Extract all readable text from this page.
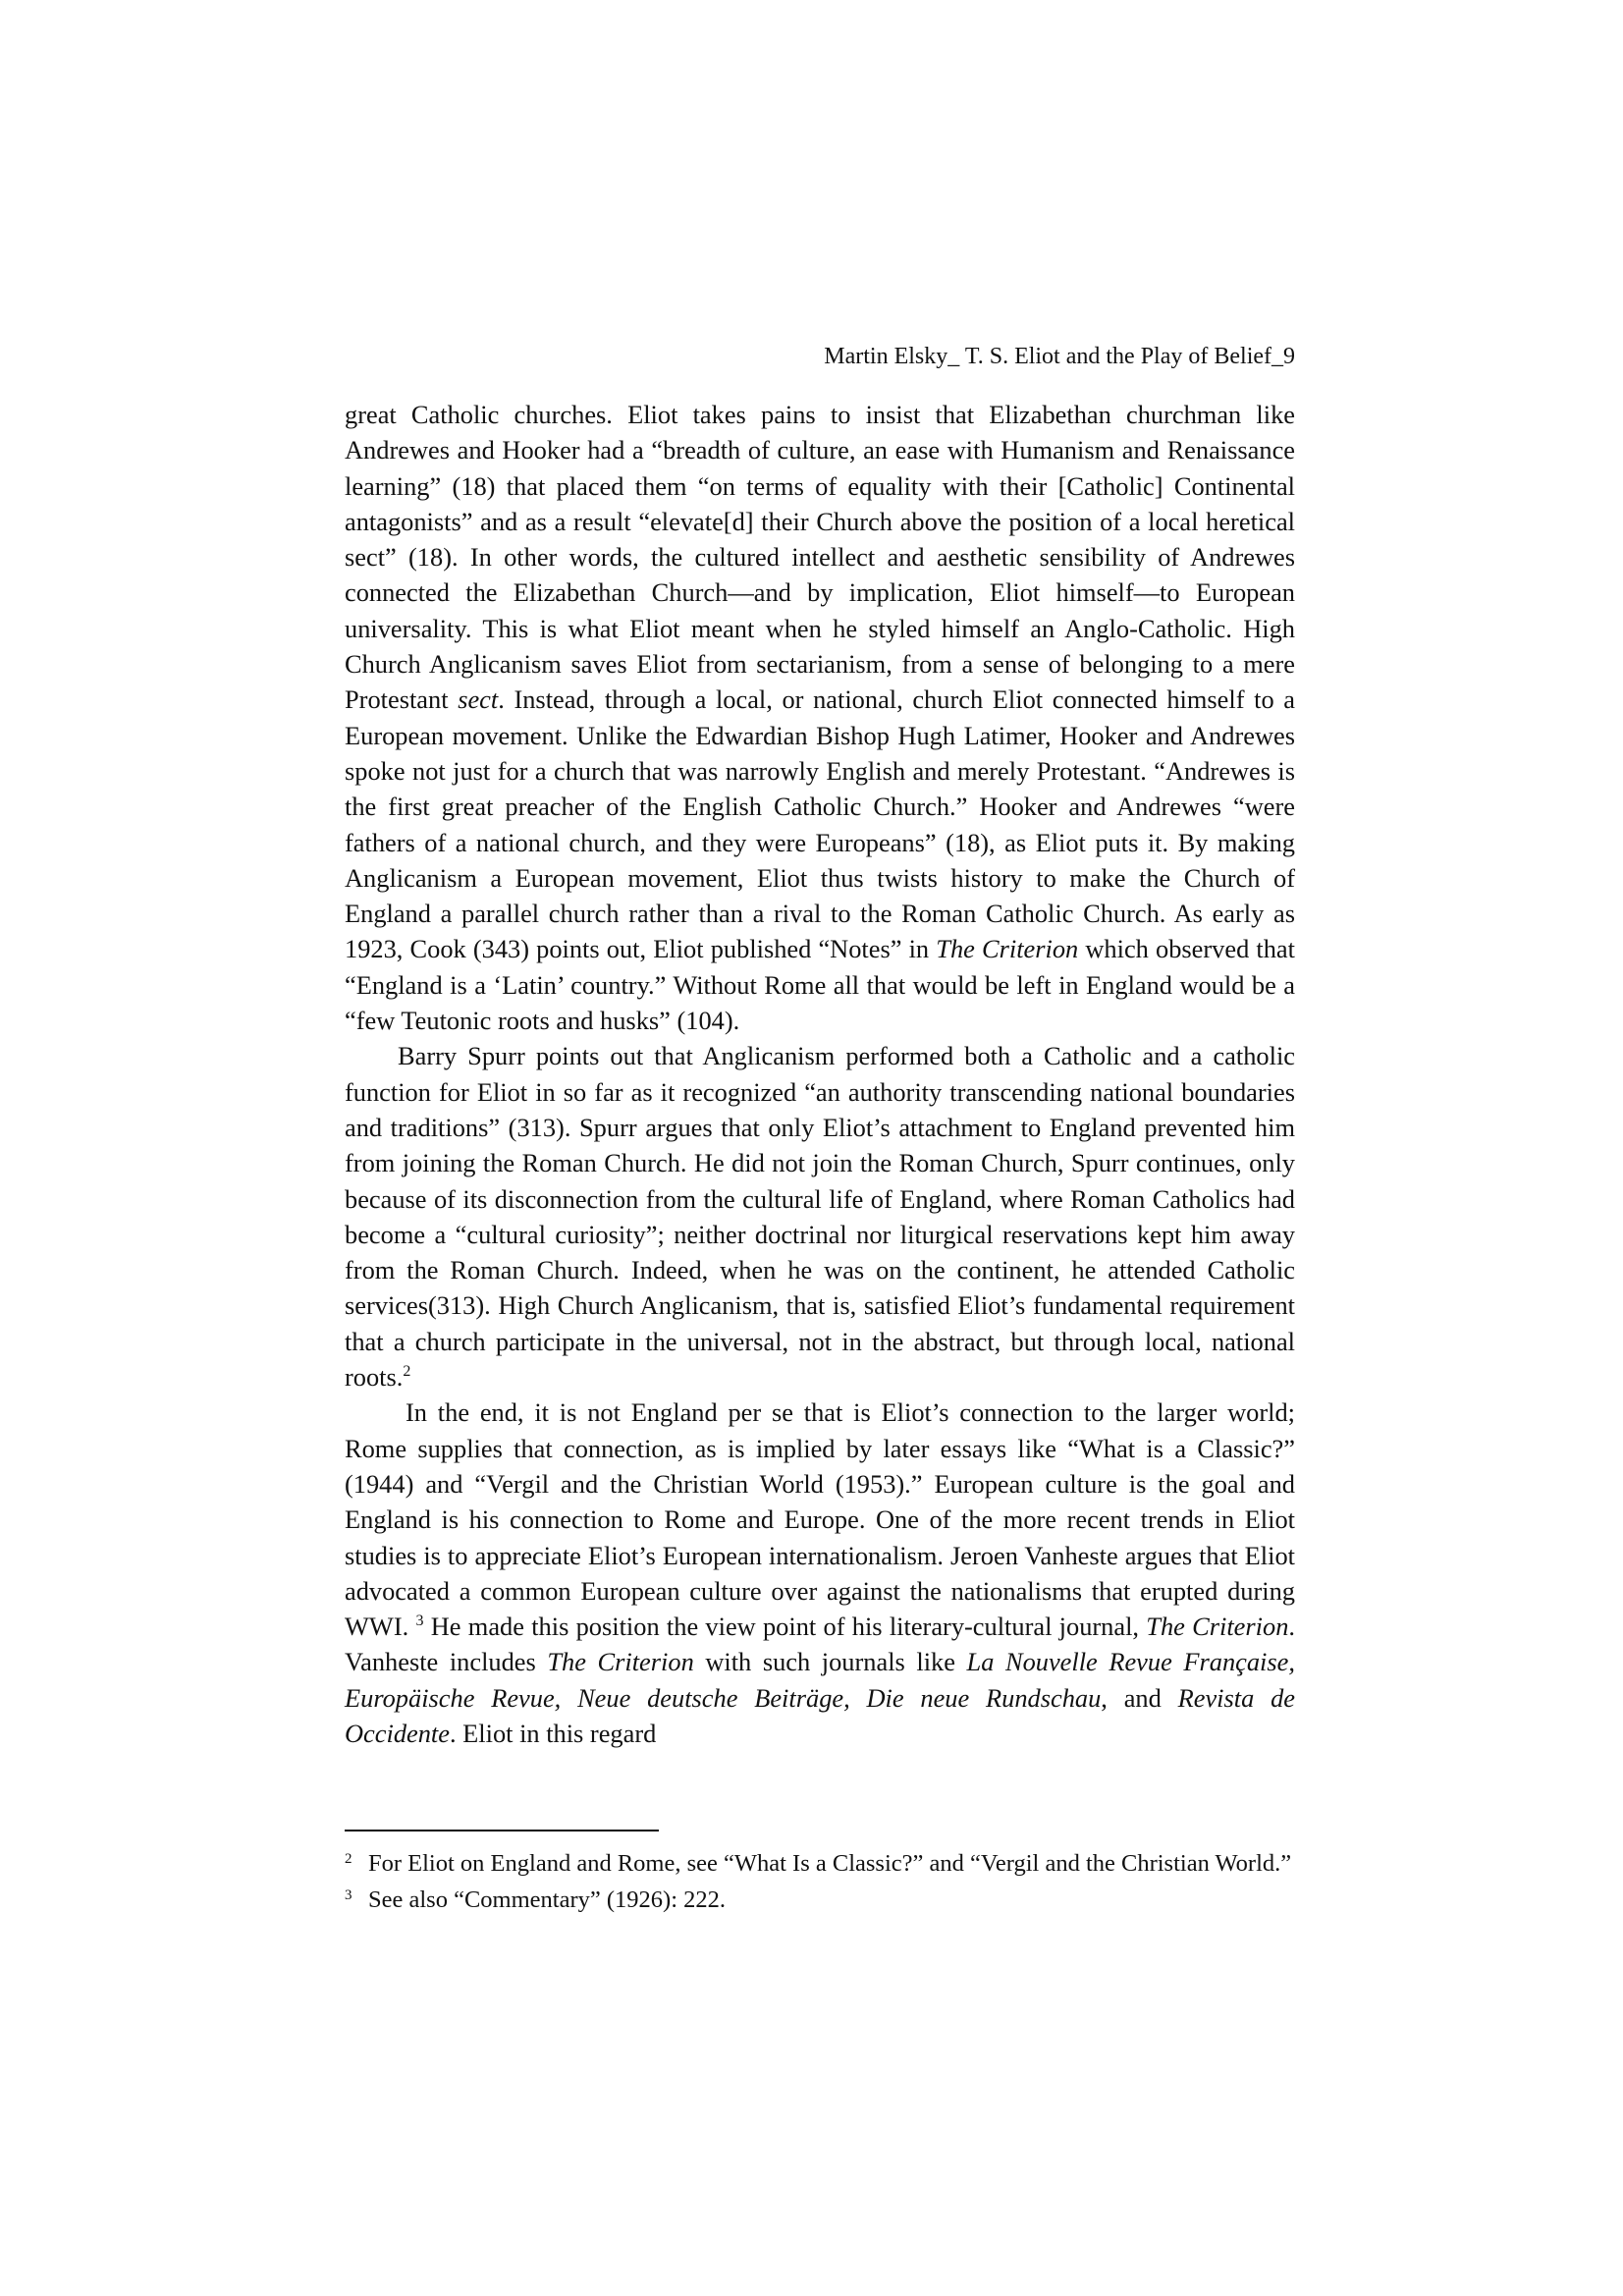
Martin Elsky_ T. S. Eliot and the Play of Belief_9

great Catholic churches. Eliot takes pains to insist that Elizabethan churchman like Andrewes and Hooker had a “breadth of culture, an ease with Humanism and Renaissance learning” (18) that placed them “on terms of equality with their [Catholic] Continental antagonists” and as a result “elevate[d] their Church above the position of a local heretical sect” (18). In other words, the cultured intellect and aesthetic sensibility of Andrewes connected the Elizabethan Church—and by implication, Eliot himself—to European universality. This is what Eliot meant when he styled himself an Anglo-Catholic. High Church Anglicanism saves Eliot from sectarianism, from a sense of belonging to a mere Protestant sect. Instead, through a local, or national, church Eliot connected himself to a European movement. Unlike the Edwardian Bishop Hugh Latimer, Hooker and Andrewes spoke not just for a church that was narrowly English and merely Protestant. “Andrewes is the first great preacher of the English Catholic Church.” Hooker and Andrewes “were fathers of a national church, and they were Europeans” (18), as Eliot puts it. By making Anglicanism a European movement, Eliot thus twists history to make the Church of England a parallel church rather than a rival to the Roman Catholic Church. As early as 1923, Cook (343) points out, Eliot published “Notes” in The Criterion which observed that “England is a ‘Latin’ country.” Without Rome all that would be left in England would be a “few Teutonic roots and husks” (104).

Barry Spurr points out that Anglicanism performed both a Catholic and a catholic function for Eliot in so far as it recognized “an authority transcending national boundaries and traditions” (313). Spurr argues that only Eliot’s attachment to England prevented him from joining the Roman Church. He did not join the Roman Church, Spurr continues, only because of its disconnection from the cultural life of England, where Roman Catholics had become a “cultural curiosity”; neither doctrinal nor liturgical reservations kept him away from the Roman Church. Indeed, when he was on the continent, he attended Catholic services(313). High Church Anglicanism, that is, satisfied Eliot’s fundamental requirement that a church participate in the universal, not in the abstract, but through local, national roots.$^2$

In the end, it is not England per se that is Eliot’s connection to the larger world; Rome supplies that connection, as is implied by later essays like “What is a Classic?” (1944) and “Vergil and the Christian World (1953).” European culture is the goal and England is his connection to Rome and Europe. One of the more recent trends in Eliot studies is to appreciate Eliot’s European internationalism. Jeroen Vanheste argues that Eliot advocated a common European culture over against the nationalisms that erupted during WWI. $^3$ He made this position the view point of his literary-cultural journal, The Criterion. Vanheste includes The Criterion with such journals like La Nouvelle Revue Française, Europäische Revue, Neue deutsche Beiträge, Die neue Rundschau, and Revista de Occidente. Eliot in this regard

2 For Eliot on England and Rome, see “What Is a Classic?” and “Vergil and the Christian World.”
3 See also “Commentary” (1926): 222.
